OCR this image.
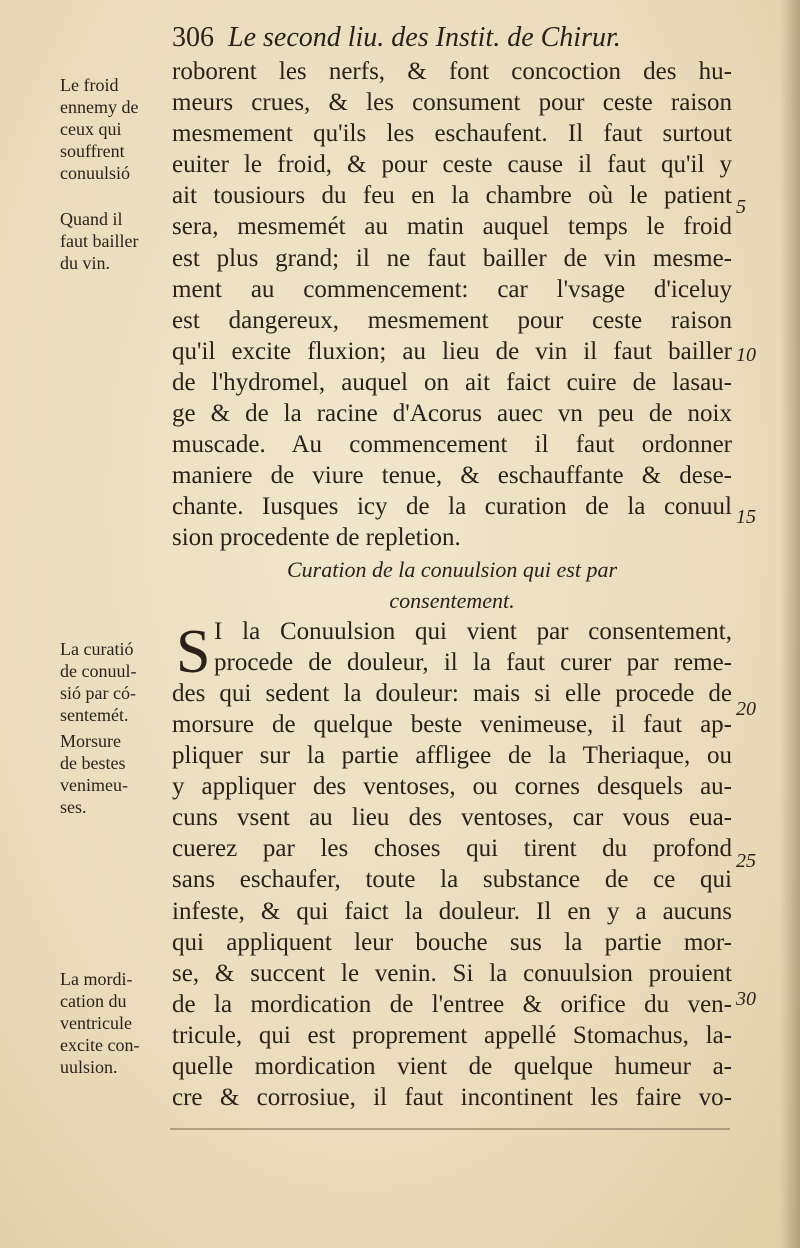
306 Le second liu. des Instit. de Chirur.
roborent les nerfs, & font concoction des hu-
meurs crues, & les consument pour ceste raison
mesmement qu'ils les eschaufent. Il faut surtout
euiter le froid, & pour ceste cause il faut qu'il y
ait tousiours du feu en la chambre où le patient
sera, mesmemét au matin auquel temps le froid
est plus grand; il ne faut bailler de vin mesme-
ment au commencement: car l'vsage d'iceluy
est dangereux, mesmement pour ceste raison
qu'il excite fluxion; au lieu de vin il faut bailler
de l'hydromel, auquel on ait faict cuire de lasau-
ge & de la racine d'Acorus auec vn peu de noix
muscade. Au commencement il faut ordonner
maniere de viure tenue, & eschauffante & dese-
chante. Iusques icy de la curation de la conuul
sion procedente de repletion.
Curation de la conuulsion qui est par
consentement.
S I la Conuulsion qui vient par consentement,
procede de douleur, il la faut curer par reme-
des qui sedent la douleur: mais si elle procede de
morsure de quelque beste venimeuse, il faut ap-
pliquer sur la partie affligee de la Theriaque, ou
y appliquer des ventoses, ou cornes desquels au-
cuns vsent au lieu des ventoses, car vous eua-
cuerez par les choses qui tirent du profond
sans eschaufer, toute la substance de ce qui
infeste, & qui faict la douleur. Il en y a aucuns
qui appliquent leur bouche sus la partie mor-
se, & succent le venin. Si la conuulsion prouient
de la mordication de l'entree & orifice du ven-
tricule, qui est proprement appellé Stomachus, la-
quelle mordication vient de quelque humeur a-
cre & corrosiue, il faut incontinent les faire vo-
Le froid
ennemy de
ceux qui
souffrent
conuulsió
Quand il
faut bailler
du vin.
La curatió
de conuul-
sió par có-
sentemét.
Morsure
de bestes
venimeu-
ses.
La mordi-
cation du
ventricule
excite con-
uulsion.
5
10
15
20
25
30
